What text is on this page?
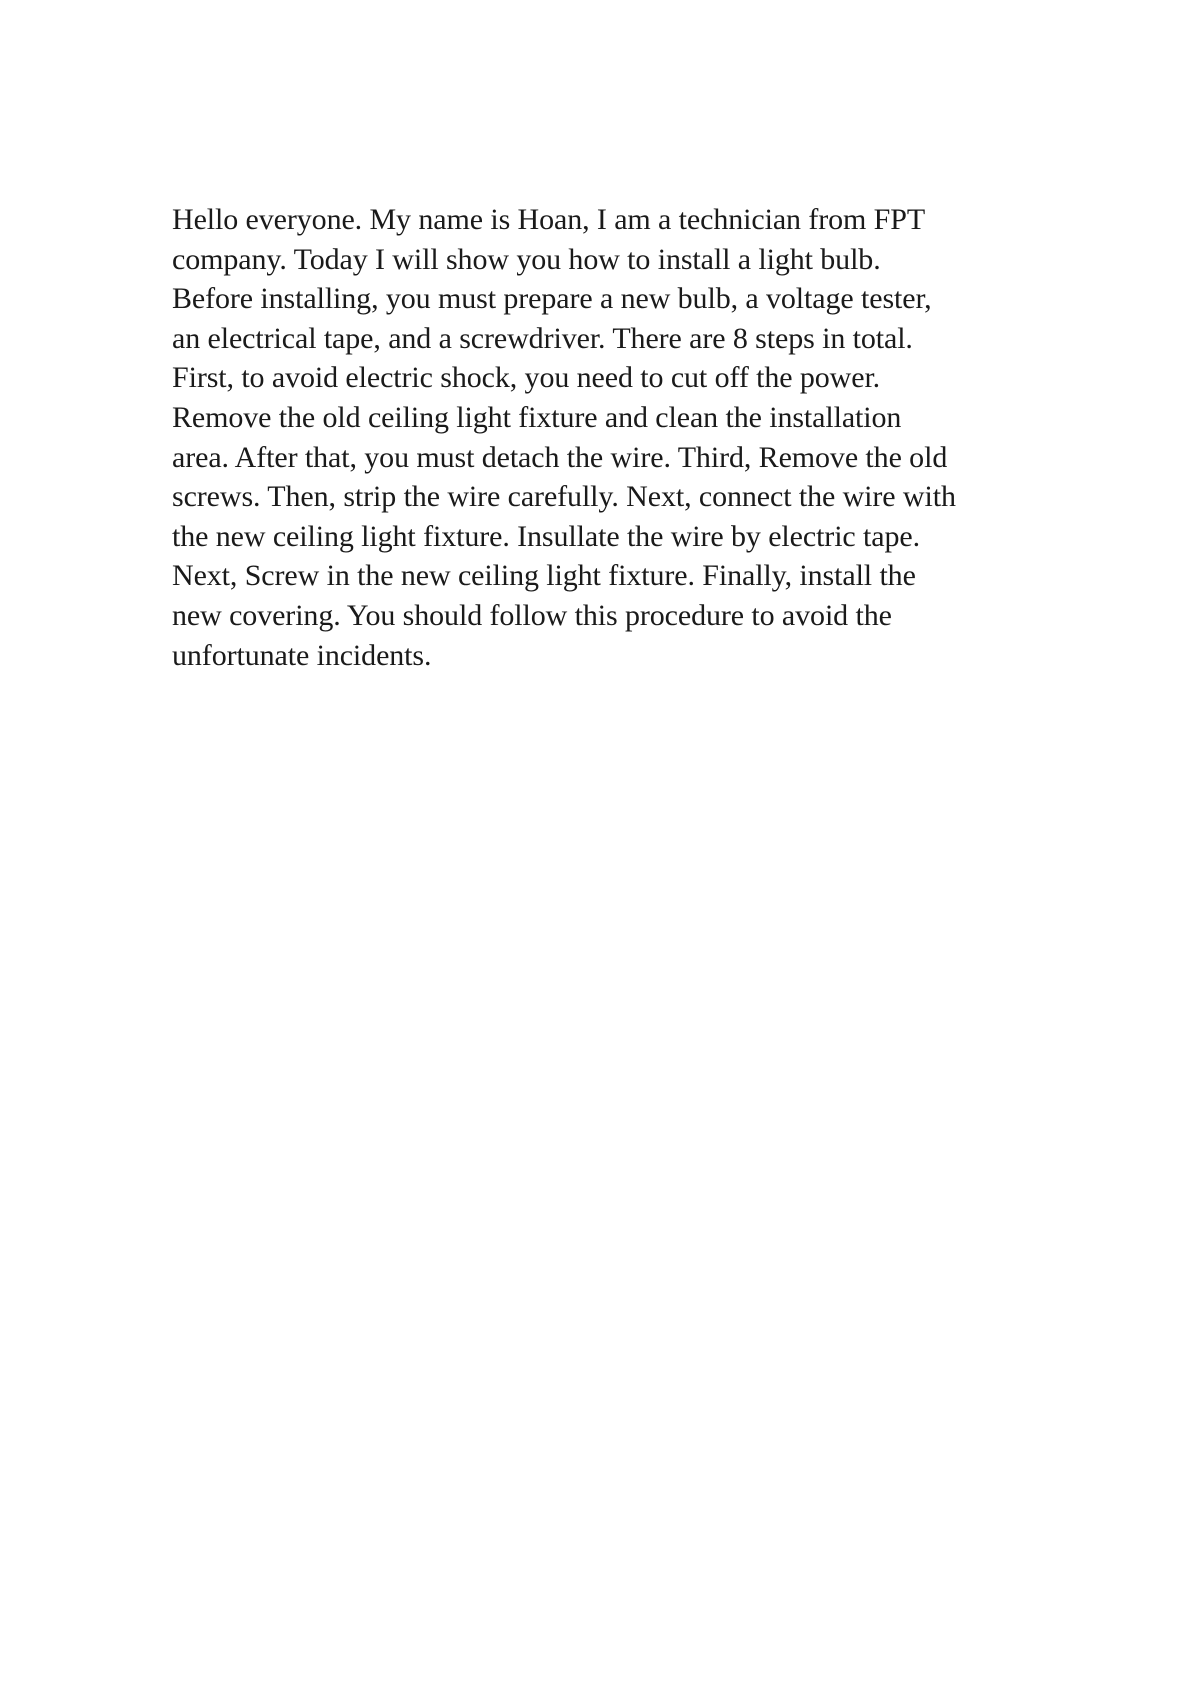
Hello everyone. My name is Hoan, I am a technician from FPT
company. Today I will show you how to install a light bulb.
Before installing, you must prepare a new bulb, a voltage tester,
an electrical tape, and a screwdriver. There are 8 steps in total.
First, to avoid electric shock, you need to cut off the power.
Remove the old ceiling light fixture and clean the installation
area. After that, you must detach the wire. Third, Remove the old
screws. Then, strip the wire carefully. Next, connect the wire with
the new ceiling light fixture. Insullate the wire by electric tape.
Next, Screw in the new ceiling light fixture. Finally, install the
new covering. You should follow this procedure to avoid the
unfortunate incidents.
